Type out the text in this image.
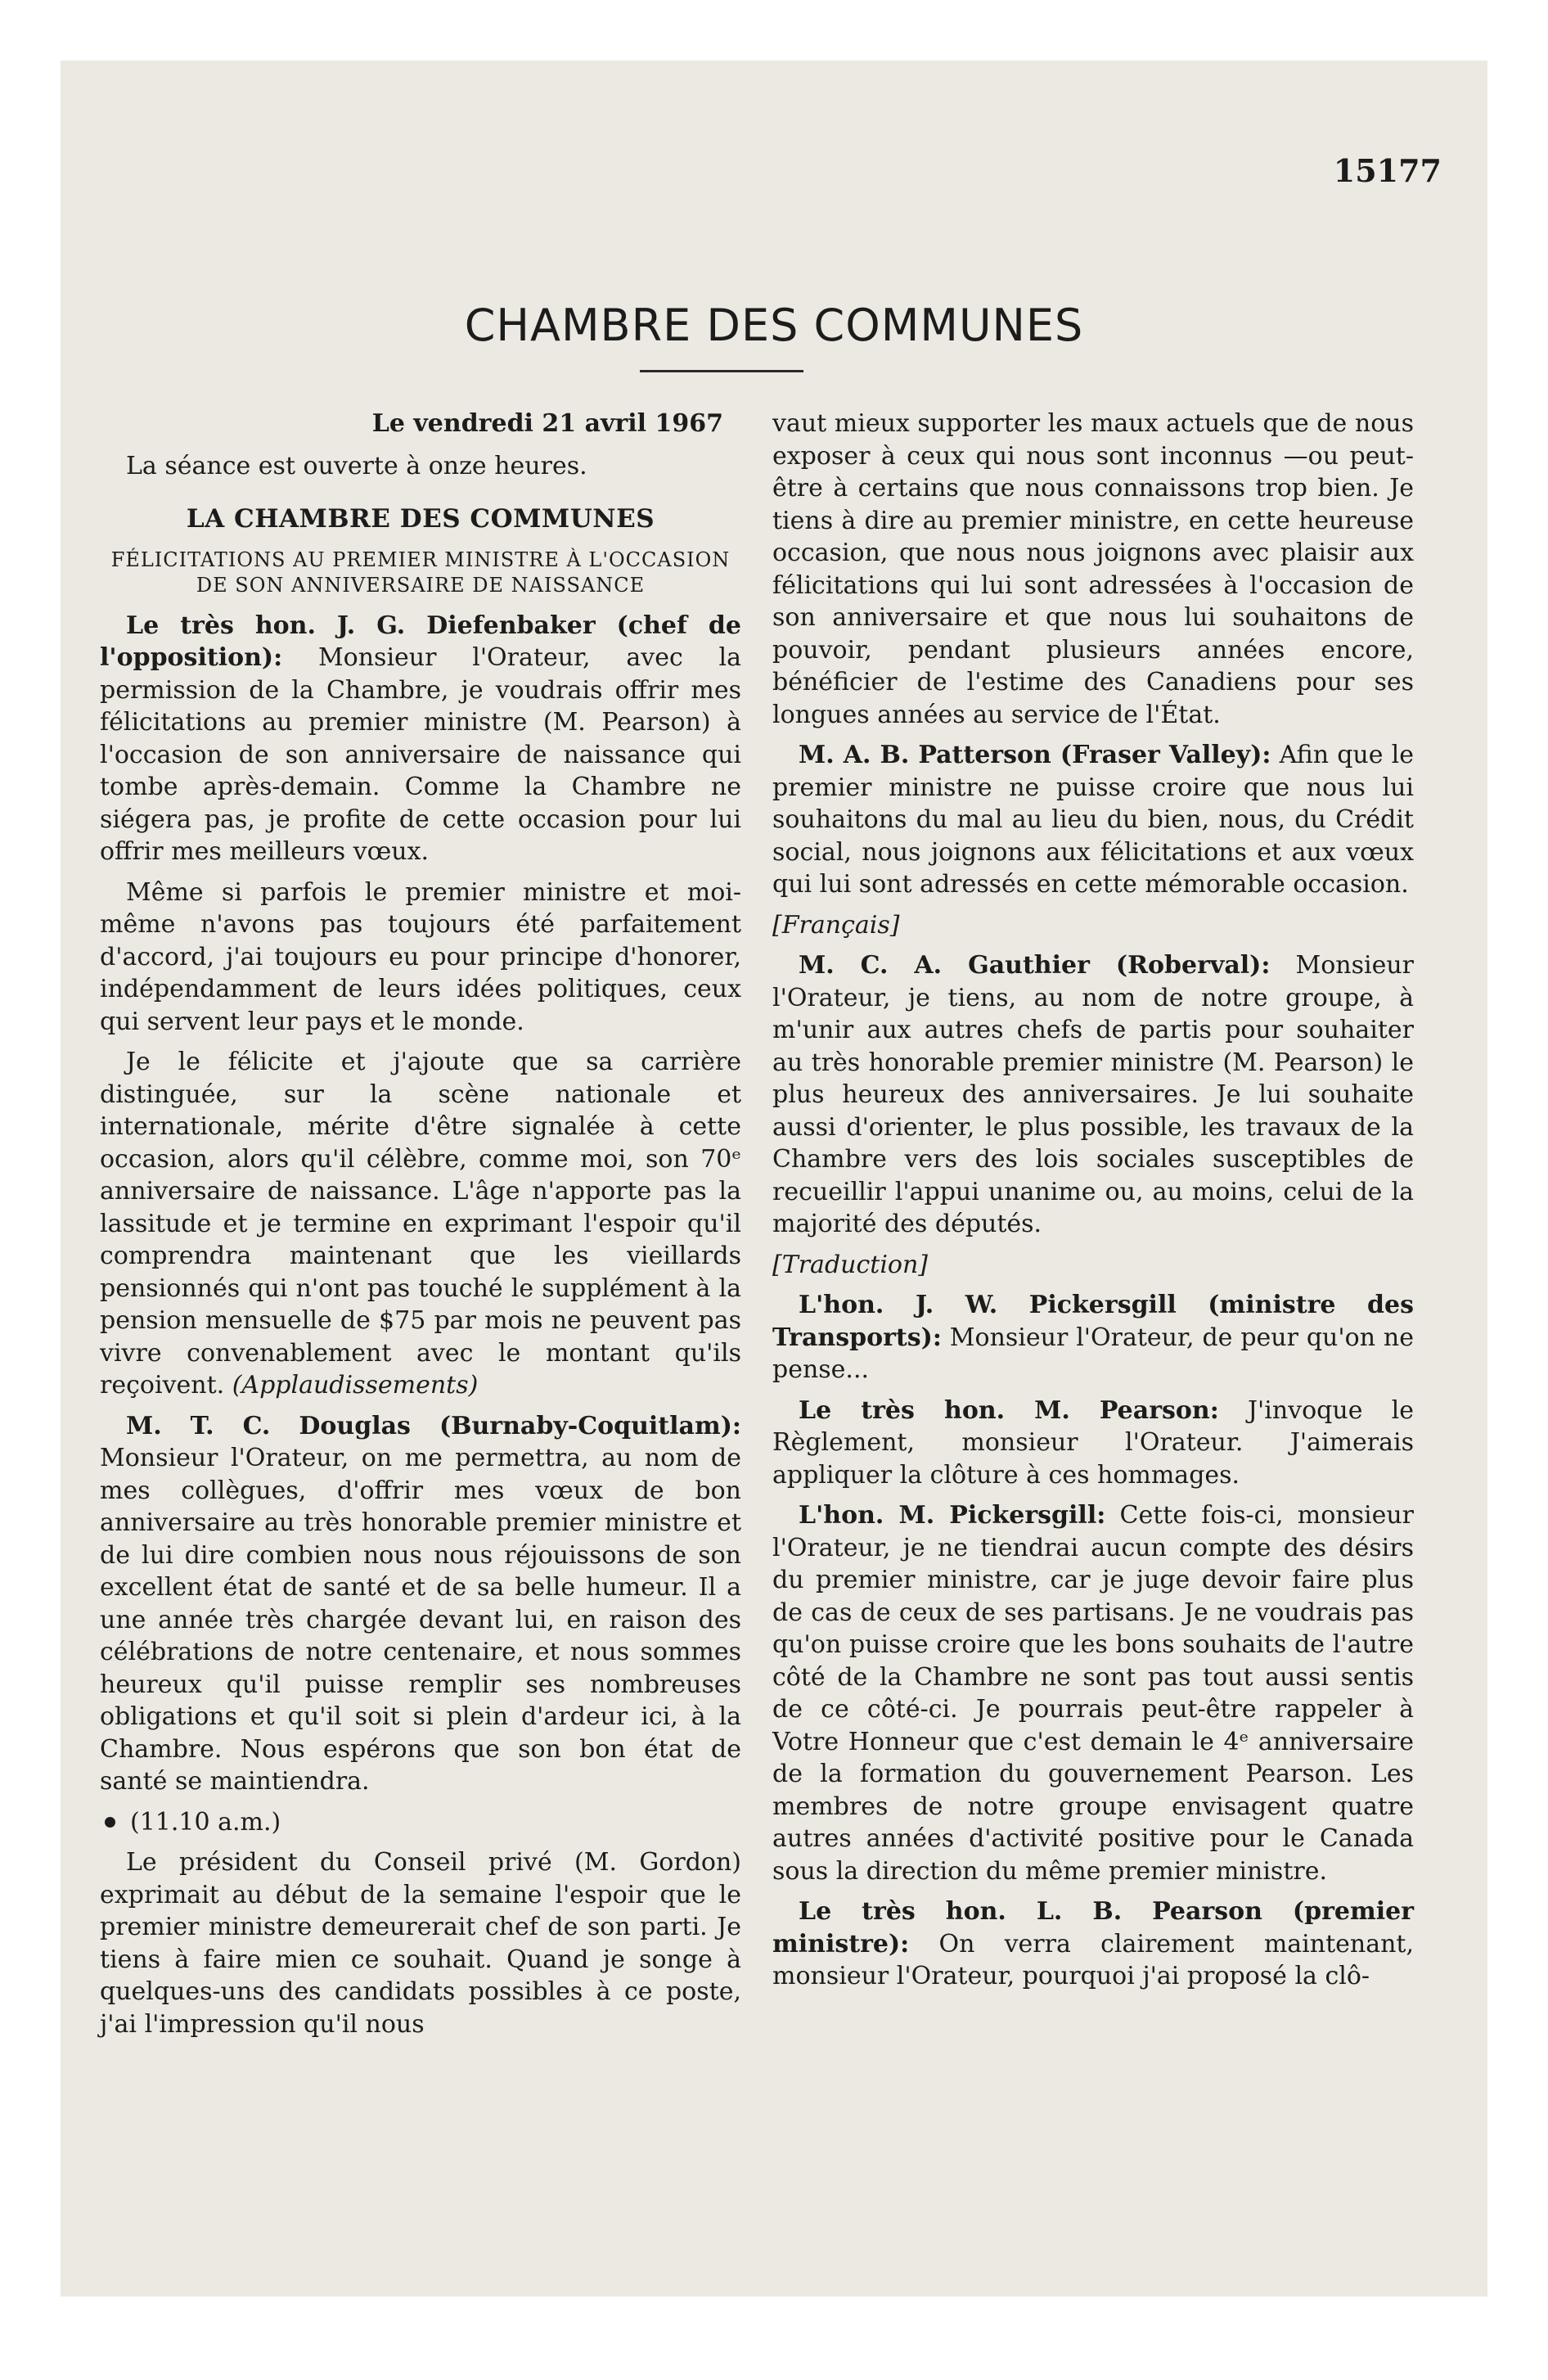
15177
CHAMBRE DES COMMUNES
Le vendredi 21 avril 1967

La séance est ouverte à onze heures.

LA CHAMBRE DES COMMUNES
FÉLICITATIONS AU PREMIER MINISTRE À L'OCCASION DE SON ANNIVERSAIRE DE NAISSANCE

Le très hon. J. G. Diefenbaker (chef de l'opposition): Monsieur l'Orateur, avec la permission de la Chambre, je voudrais offrir mes félicitations au premier ministre (M. Pearson) à l'occasion de son anniversaire de naissance qui tombe après-demain. Comme la Chambre ne siégera pas, je profite de cette occasion pour lui offrir mes meilleurs vœux.

Même si parfois le premier ministre et moi-même n'avons pas toujours été parfaitement d'accord, j'ai toujours eu pour principe d'honorer, indépendamment de leurs idées politiques, ceux qui servent leur pays et le monde.

Je le félicite et j'ajoute que sa carrière distinguée, sur la scène nationale et internationale, mérite d'être signalée à cette occasion, alors qu'il célèbre, comme moi, son 70ᵉ anniversaire de naissance. L'âge n'apporte pas la lassitude et je termine en exprimant l'espoir qu'il comprendra maintenant que les vieillards pensionnés qui n'ont pas touché le supplément à la pension mensuelle de $75 par mois ne peuvent pas vivre convenablement avec le montant qu'ils reçoivent. (Applaudissements)

M. T. C. Douglas (Burnaby-Coquitlam): Monsieur l'Orateur, on me permettra, au nom de mes collègues, d'offrir mes vœux de bon anniversaire au très honorable premier ministre et de lui dire combien nous nous réjouissons de son excellent état de santé et de sa belle humeur. Il a une année très chargée devant lui, en raison des célébrations de notre centenaire, et nous sommes heureux qu'il puisse remplir ses nombreuses obligations et qu'il soit si plein d'ardeur ici, à la Chambre. Nous espérons que son bon état de santé se maintiendra.

(11.10 a.m.)

Le président du Conseil privé (M. Gordon) exprimait au début de la semaine l'espoir que le premier ministre demeurerait chef de son parti. Je tiens à faire mien ce souhait. Quand je songe à quelques-uns des candidats possibles à ce poste, j'ai l'impression qu'il nous

vaut mieux supporter les maux actuels que de nous exposer à ceux qui nous sont inconnus —ou peut-être à certains que nous connaissons trop bien. Je tiens à dire au premier ministre, en cette heureuse occasion, que nous nous joignons avec plaisir aux félicitations qui lui sont adressées à l'occasion de son anniversaire et que nous lui souhaitons de pouvoir, pendant plusieurs années encore, bénéficier de l'estime des Canadiens pour ses longues années au service de l'État.

M. A. B. Patterson (Fraser Valley): Afin que le premier ministre ne puisse croire que nous lui souhaitons du mal au lieu du bien, nous, du Crédit social, nous joignons aux félicitations et aux vœux qui lui sont adressés en cette mémorable occasion.

[Français]

M. C. A. Gauthier (Roberval): Monsieur l'Orateur, je tiens, au nom de notre groupe, à m'unir aux autres chefs de partis pour souhaiter au très honorable premier ministre (M. Pearson) le plus heureux des anniversaires. Je lui souhaite aussi d'orienter, le plus possible, les travaux de la Chambre vers des lois sociales susceptibles de recueillir l'appui unanime ou, au moins, celui de la majorité des députés.

[Traduction]

L'hon. J. W. Pickersgill (ministre des Transports): Monsieur l'Orateur, de peur qu'on ne pense...

Le très hon. M. Pearson: J'invoque le Règlement, monsieur l'Orateur. J'aimerais appliquer la clôture à ces hommages.

L'hon. M. Pickersgill: Cette fois-ci, monsieur l'Orateur, je ne tiendrai aucun compte des désirs du premier ministre, car je juge devoir faire plus de cas de ceux de ses partisans. Je ne voudrais pas qu'on puisse croire que les bons souhaits de l'autre côté de la Chambre ne sont pas tout aussi sentis de ce côté-ci. Je pourrais peut-être rappeler à Votre Honneur que c'est demain le 4ᵉ anniversaire de la formation du gouvernement Pearson. Les membres de notre groupe envisagent quatre autres années d'activité positive pour le Canada sous la direction du même premier ministre.

Le très hon. L. B. Pearson (premier ministre): On verra clairement maintenant, monsieur l'Orateur, pourquoi j'ai proposé la clô-
